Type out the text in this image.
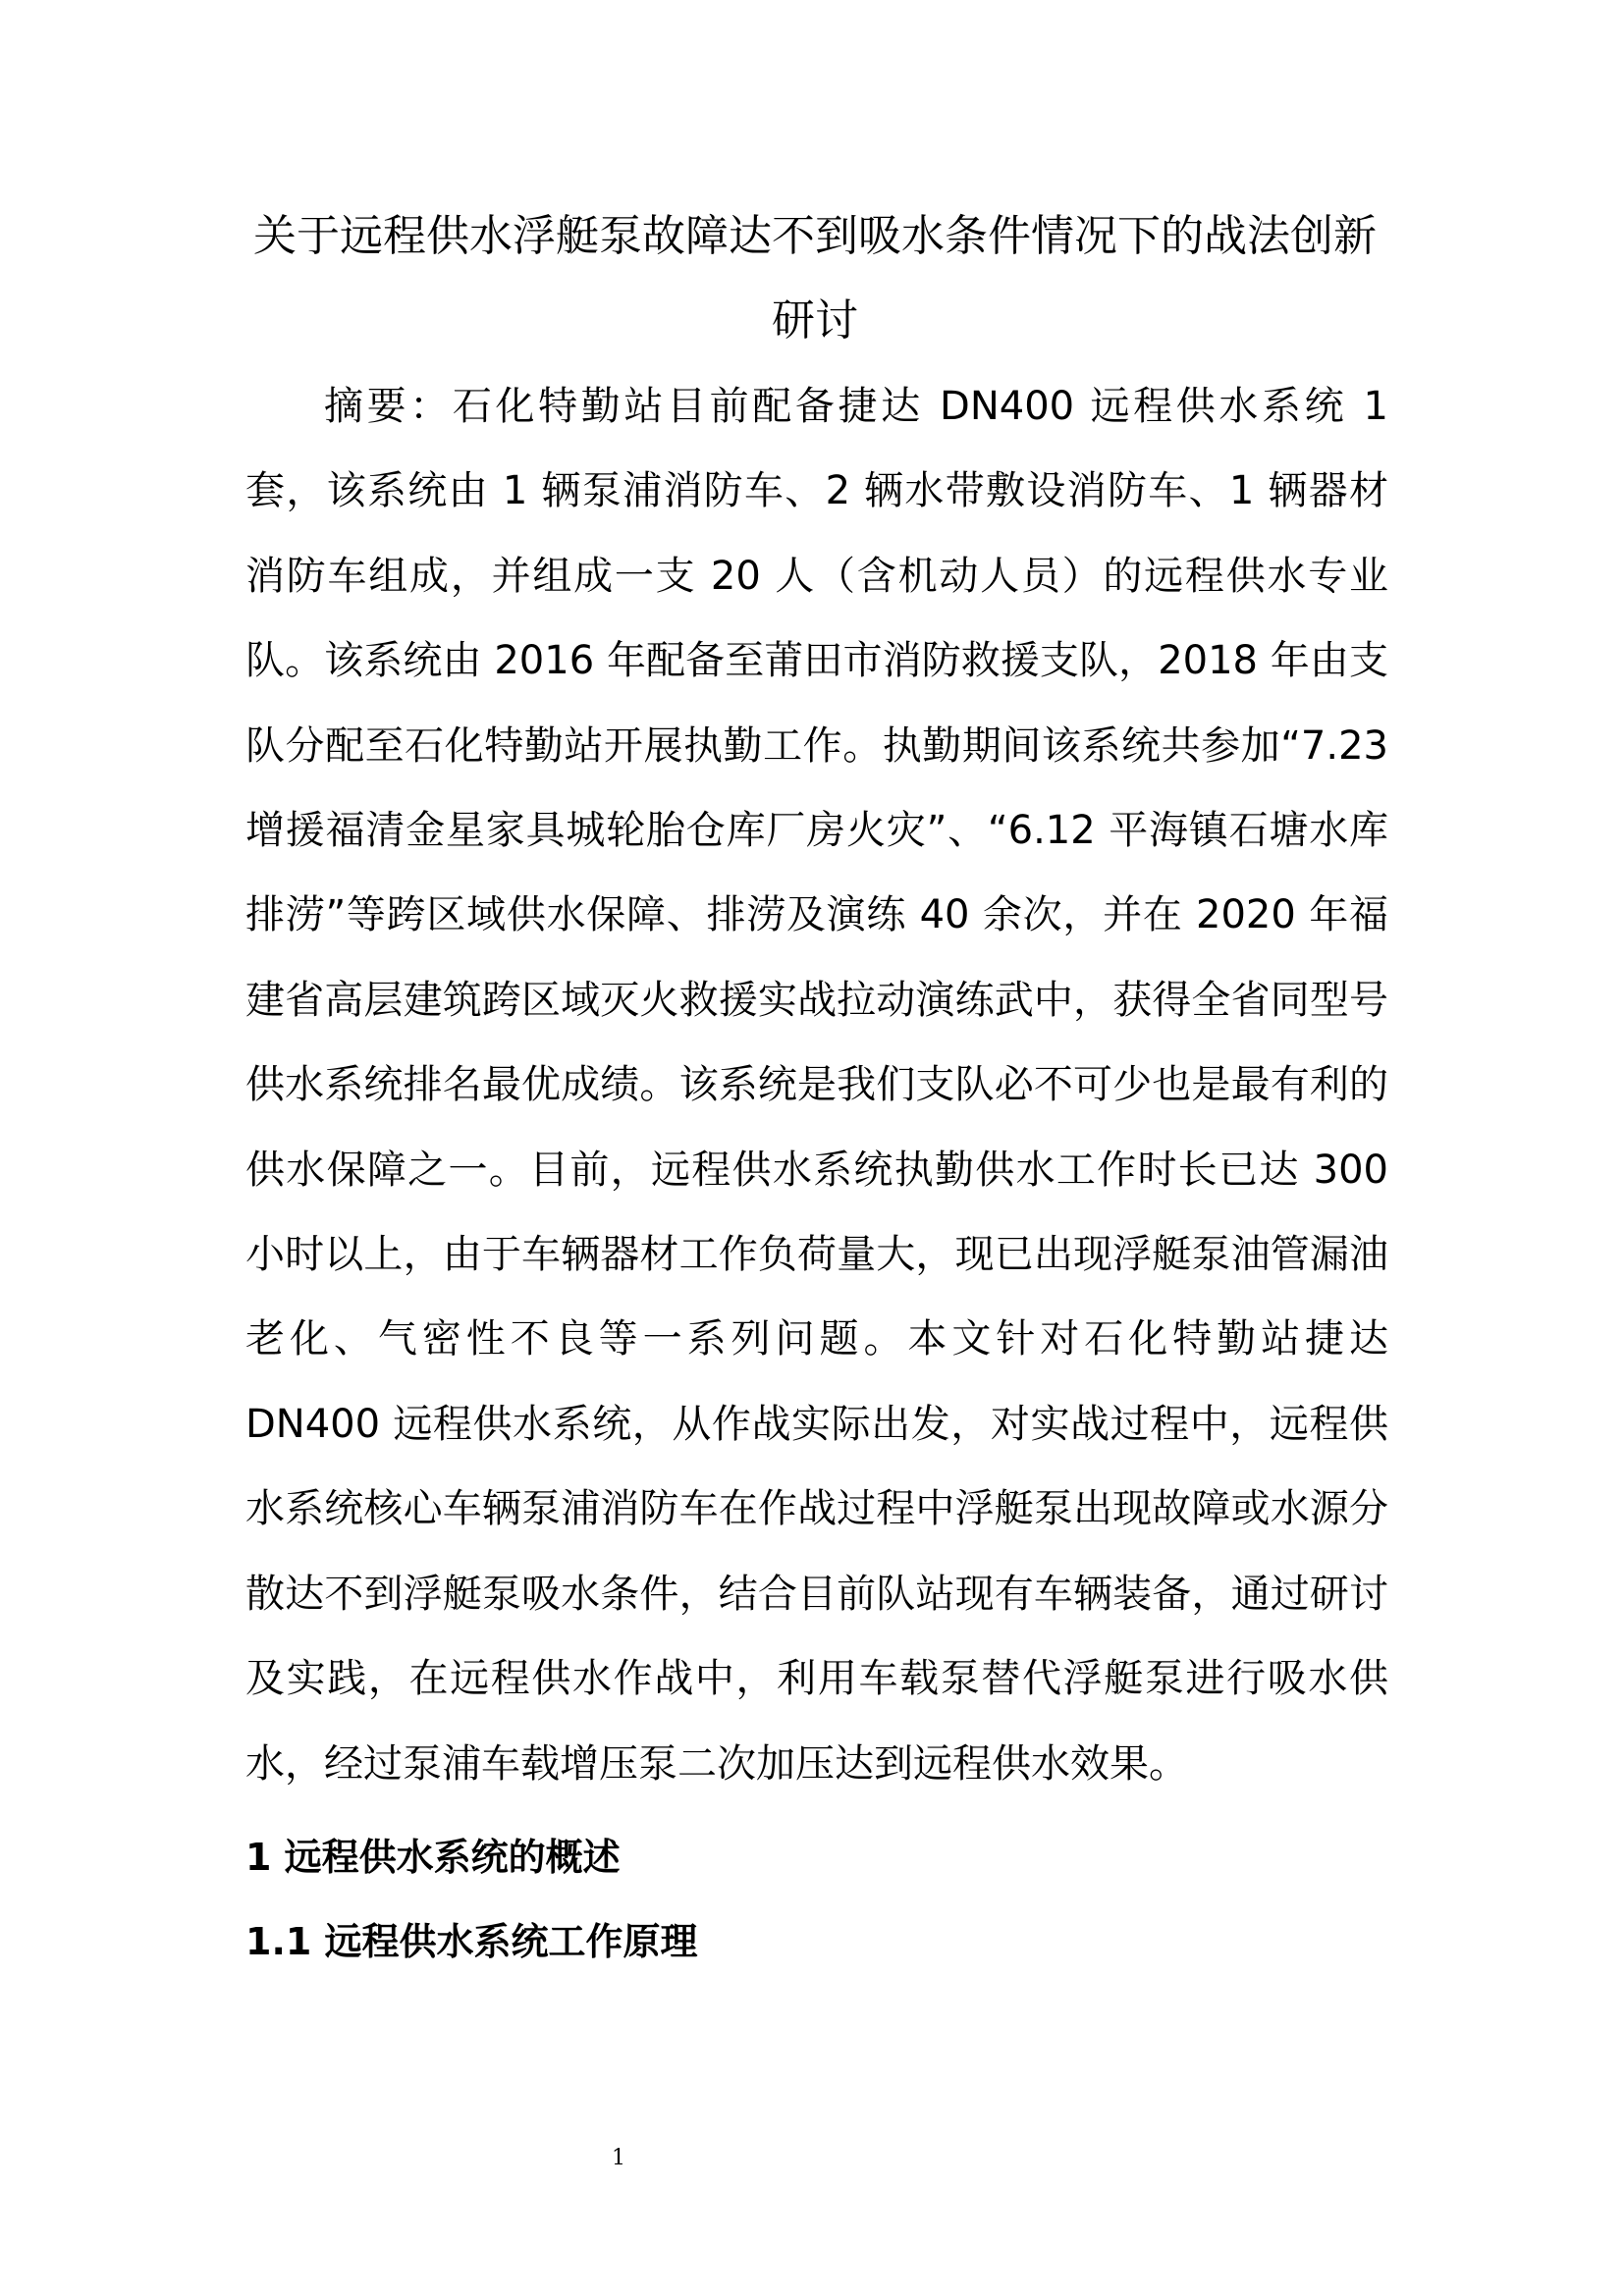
关于远程供水浮艇泵故障达不到吸水条件情况下的战法创新研讨

摘要：石化特勤站目前配备捷达 DN400 远程供水系统 1 套，该系统由 1 辆泵浦消防车、2 辆水带敷设消防车、1 辆器材消防车组成，并组成一支 20 人（含机动人员）的远程供水专业队。该系统由 2016 年配备至莆田市消防救援支队，2018 年由支队分配至石化特勤站开展执勤工作。执勤期间该系统共参加“7.23 增援福清金星家具城轮胎仓库厂房火灾”、“6.12 平海镇石塘水库排涝”等跨区域供水保障、排涝及演练 40 余次，并在 2020 年福建省高层建筑跨区域灭火救援实战拉动演练武中，获得全省同型号供水系统排名最优成绩。该系统是我们支队必不可少也是最有利的供水保障之一。目前，远程供水系统执勤供水工作时长已达 300 小时以上，由于车辆器材工作负荷量大，现已出现浮艇泵油管漏油老化、气密性不良等一系列问题。本文针对石化特勤站捷达 DN400 远程供水系统，从作战实际出发，对实战过程中，远程供水系统核心车辆泵浦消防车在作战过程中浮艇泵出现故障或水源分散达不到浮艇泵吸水条件，结合目前队站现有车辆装备，通过研讨及实践，在远程供水作战中，利用车载泵替代浮艇泵进行吸水供水，经过泵浦车载增压泵二次加压达到远程供水效果。

1 远程供水系统的概述
1.1 远程供水系统工作原理
1
